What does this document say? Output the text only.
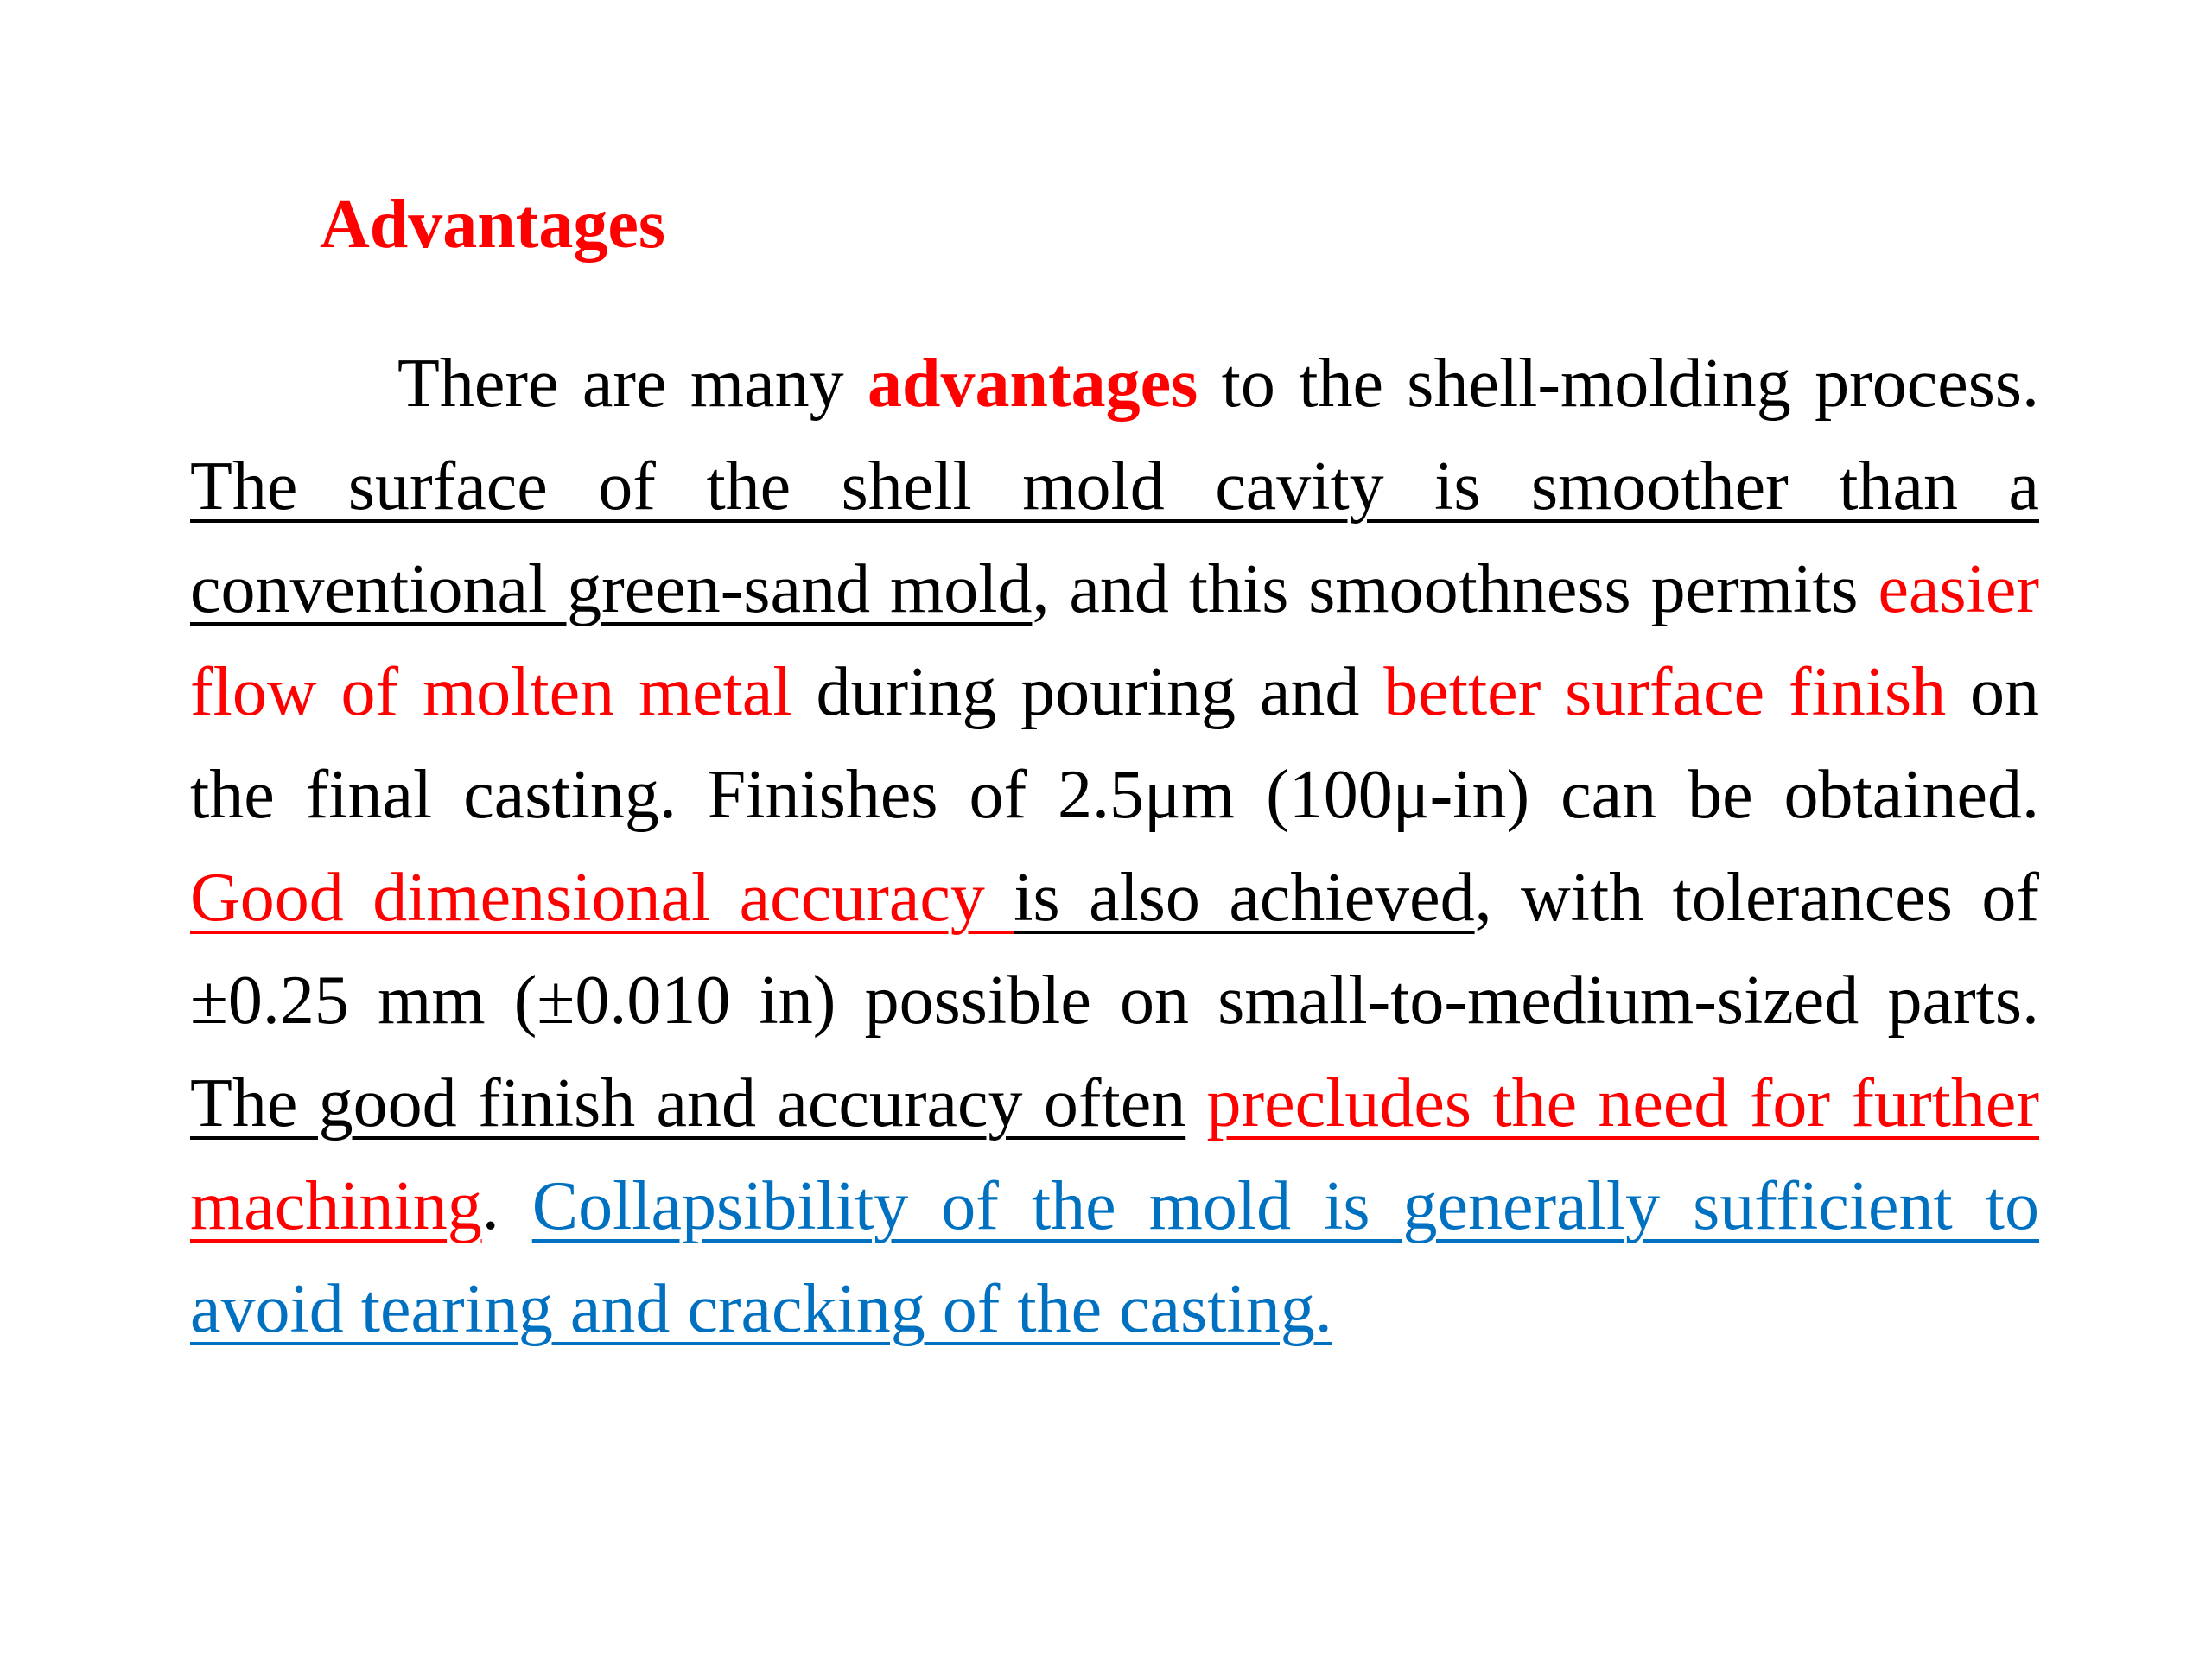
Advantages

There are many advantages to the shell-molding process. The surface of the shell mold cavity is smoother than a conventional green-sand mold, and this smoothness permits easier flow of molten metal during pouring and better surface finish on the final casting. Finishes of 2.5μm (100μ-in) can be obtained. Good dimensional accuracy is also achieved, with tolerances of ±0.25 mm (±0.010 in) possible on small-to-medium-sized parts. The good finish and accuracy often precludes the need for further machining. Collapsibility of the mold is generally sufficient to avoid tearing and cracking of the casting.
